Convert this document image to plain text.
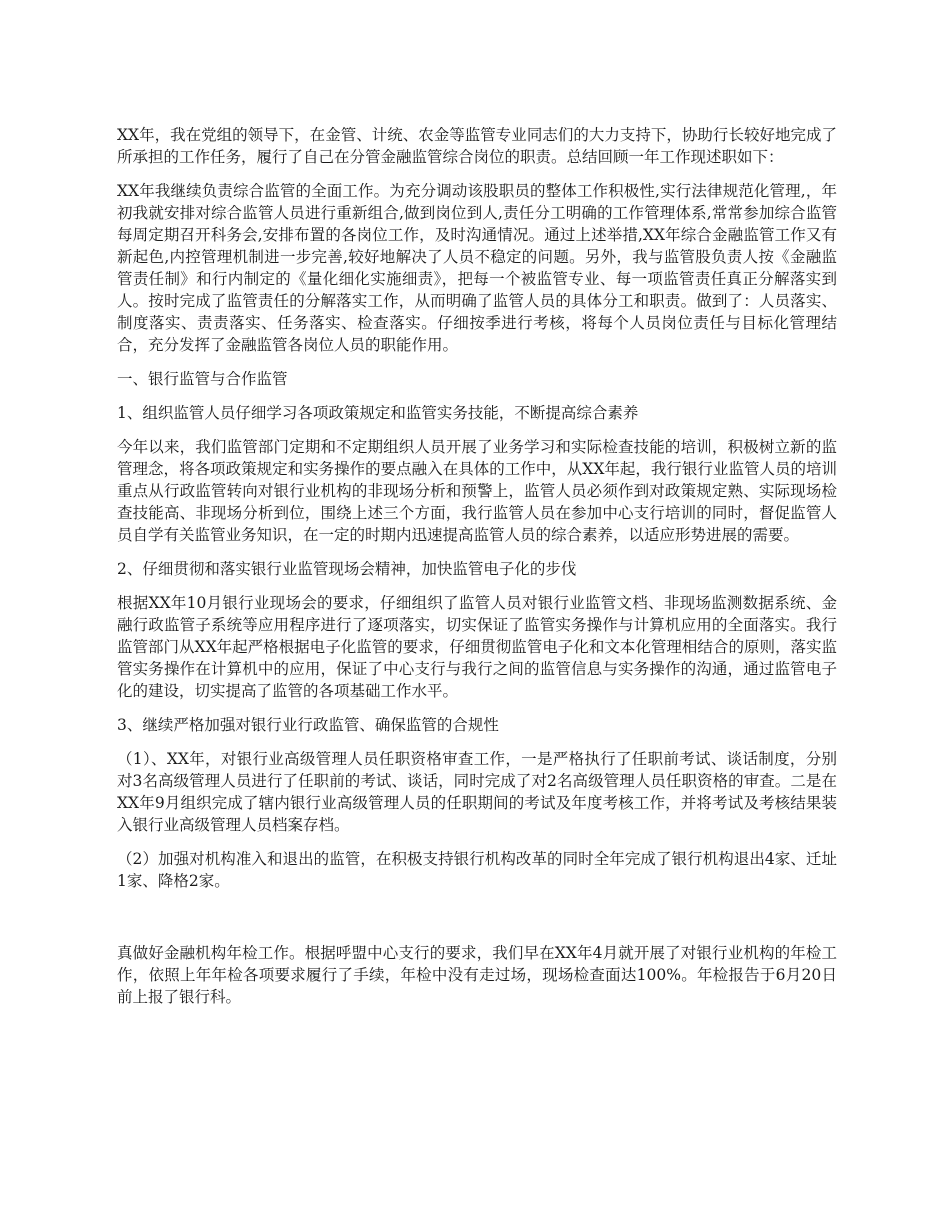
XX年，我在党组的领导下，在金管、计统、农金等监管专业同志们的大力支持下，协助行长较好地完成了所承担的工作任务，履行了自己在分管金融监管综合岗位的职责。总结回顾一年工作现述职如下：

XX年我继续负责综合监管的全面工作。为充分调动该股职员的整体工作积极性,实行法律规范化管理,，年初我就安排对综合监管人员进行重新组合,做到岗位到人,责任分工明确的工作管理体系,常常参加综合监管每周定期召开科务会,安排布置的各岗位工作，及时沟通情况。通过上述举措,XX年综合金融监管工作又有新起色,内控管理机制进一步完善,较好地解决了人员不稳定的问题。另外，我与监管股负责人按《金融监管责任制》和行内制定的《量化细化实施细责》，把每一个被监管专业、每一项监管责任真正分解落实到人。按时完成了监管责任的分解落实工作，从而明确了监管人员的具体分工和职责。做到了：人员落实、制度落实、责责落实、任务落实、检查落实。仔细按季进行考核，将每个人员岗位责任与目标化管理结合，充分发挥了金融监管各岗位人员的职能作用。

一、银行监管与合作监管

1、组织监管人员仔细学习各项政策规定和监管实务技能，不断提高综合素养

今年以来，我们监管部门定期和不定期组织人员开展了业务学习和实际检查技能的培训，积极树立新的监管理念，将各项政策规定和实务操作的要点融入在具体的工作中，从XX年起，我行银行业监管人员的培训重点从行政监管转向对银行业机构的非现场分析和预警上，监管人员必须作到对政策规定熟、实际现场检查技能高、非现场分析到位，围绕上述三个方面，我行监管人员在参加中心支行培训的同时，督促监管人员自学有关监管业务知识，在一定的时期内迅速提高监管人员的综合素养，以适应形势进展的需要。

2、仔细贯彻和落实银行业监管现场会精神，加快监管电子化的步伐

根据XX年10月银行业现场会的要求，仔细组织了监管人员对银行业监管文档、非现场监测数据系统、金融行政监管子系统等应用程序进行了逐项落实，切实保证了监管实务操作与计算机应用的全面落实。我行监管部门从XX年起严格根据电子化监管的要求，仔细贯彻监管电子化和文本化管理相结合的原则，落实监管实务操作在计算机中的应用，保证了中心支行与我行之间的监管信息与实务操作的沟通，通过监管电子化的建设，切实提高了监管的各项基础工作水平。

3、继续严格加强对银行业行政监管、确保监管的合规性

（1）、XX年，对银行业高级管理人员任职资格审查工作，一是严格执行了任职前考试、谈话制度，分别对3名高级管理人员进行了任职前的考试、谈话，同时完成了对2名高级管理人员任职资格的审查。二是在XX年9月组织完成了辖内银行业高级管理人员的任职期间的考试及年度考核工作，并将考试及考核结果装入银行业高级管理人员档案存档。

（2）加强对机构准入和退出的监管，在积极支持银行机构改革的同时全年完成了银行机构退出4家、迁址1家、降格2家。

真做好金融机构年检工作。根据呼盟中心支行的要求，我们早在XX年4月就开展了对银行业机构的年检工作，依照上年年检各项要求履行了手续，年检中没有走过场，现场检查面达100%。年检报告于6月20日前上报了银行科。
